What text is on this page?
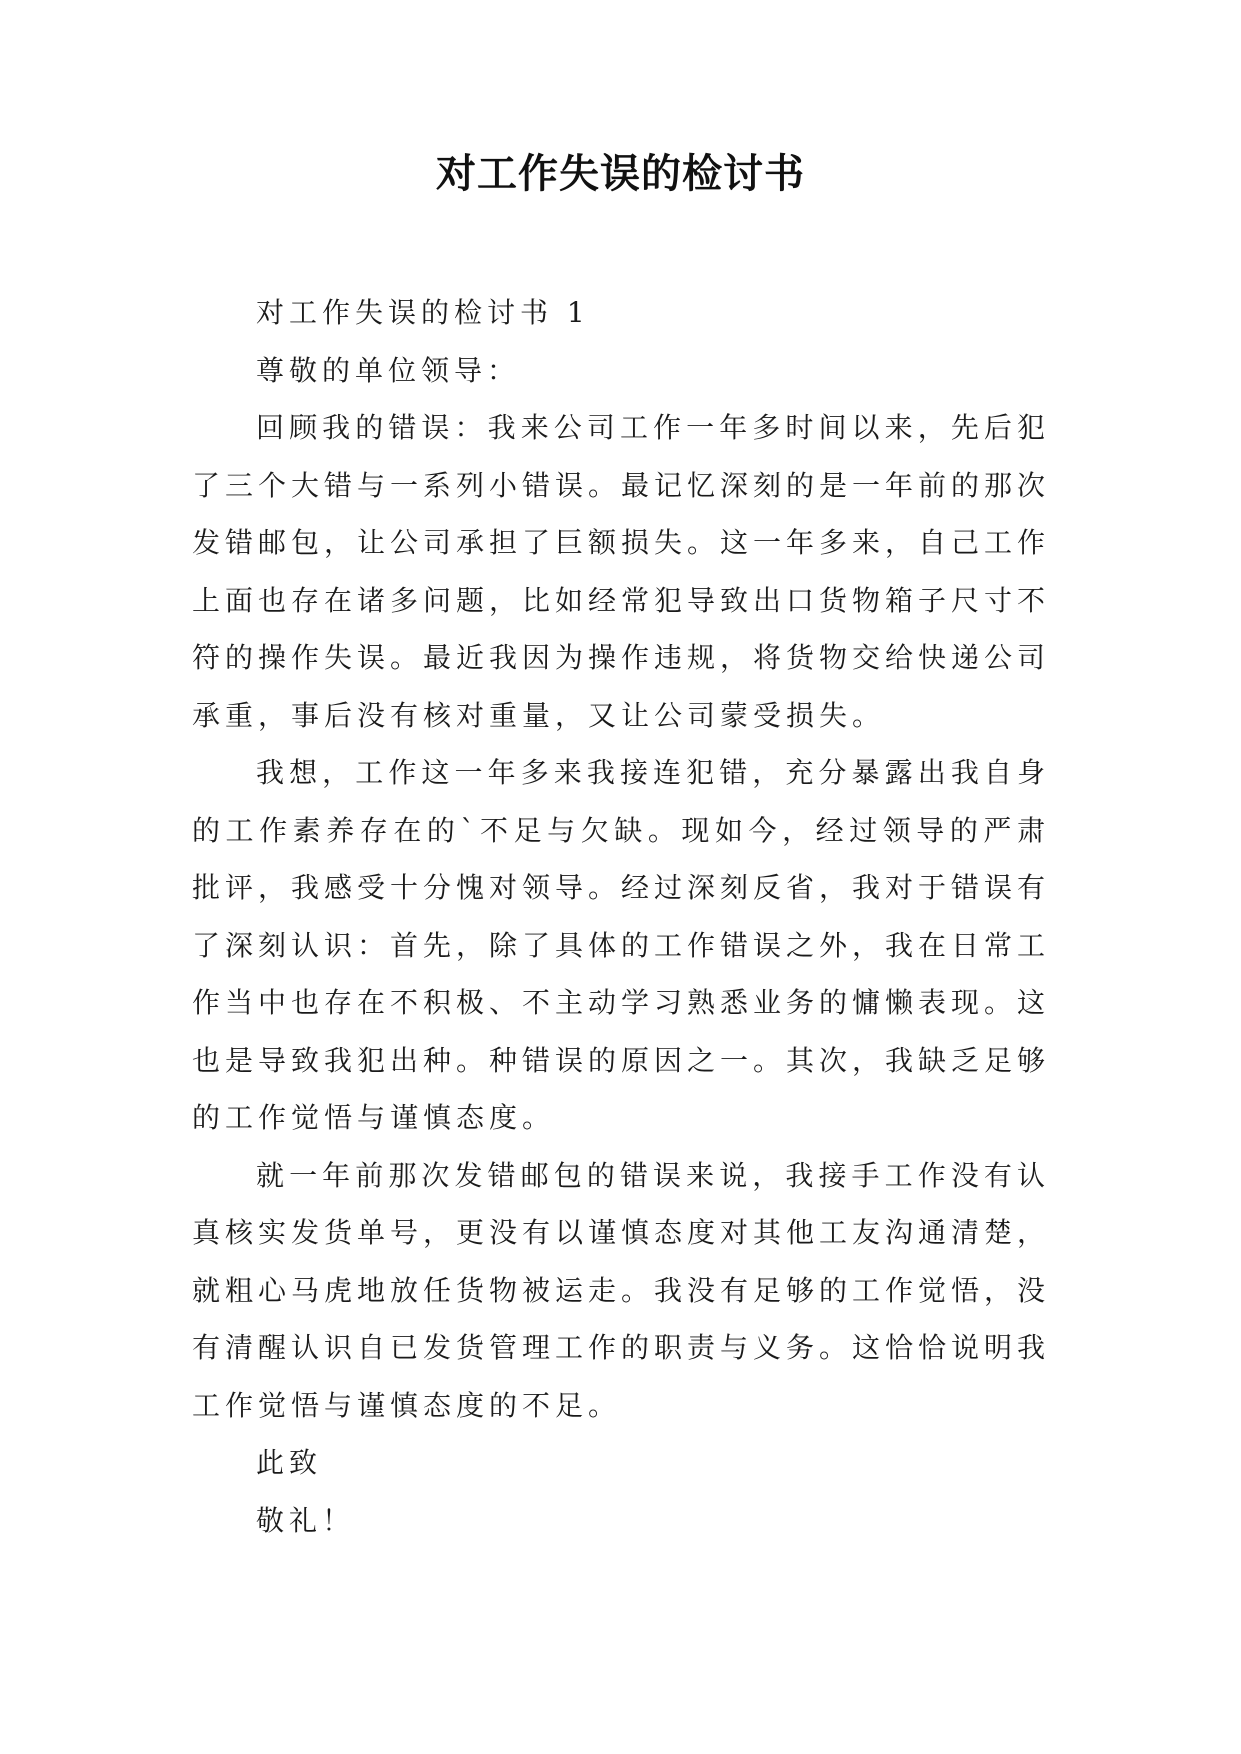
对工作失误的检讨书

对工作失误的检讨书 1

尊敬的单位领导：

回顾我的错误：我来公司工作一年多时间以来，先后犯了三个大错与一系列小错误。最记忆深刻的是一年前的那次发错邮包，让公司承担了巨额损失。这一年多来，自己工作上面也存在诸多问题，比如经常犯导致出口货物箱子尺寸不符的操作失误。最近我因为操作违规，将货物交给快递公司承重，事后没有核对重量，又让公司蒙受损失。

我想，工作这一年多来我接连犯错，充分暴露出我自身的工作素养存在的`不足与欠缺。现如今，经过领导的严肃批评，我感受十分愧对领导。经过深刻反省，我对于错误有了深刻认识：首先，除了具体的工作错误之外，我在日常工作当中也存在不积极、不主动学习熟悉业务的慵懒表现。这也是导致我犯出种。种错误的原因之一。其次，我缺乏足够的工作觉悟与谨慎态度。

就一年前那次发错邮包的错误来说，我接手工作没有认真核实发货单号，更没有以谨慎态度对其他工友沟通清楚，就粗心马虎地放任货物被运走。我没有足够的工作觉悟，没有清醒认识自已发货管理工作的职责与义务。这恰恰说明我工作觉悟与谨慎态度的不足。

此致

敬礼！
